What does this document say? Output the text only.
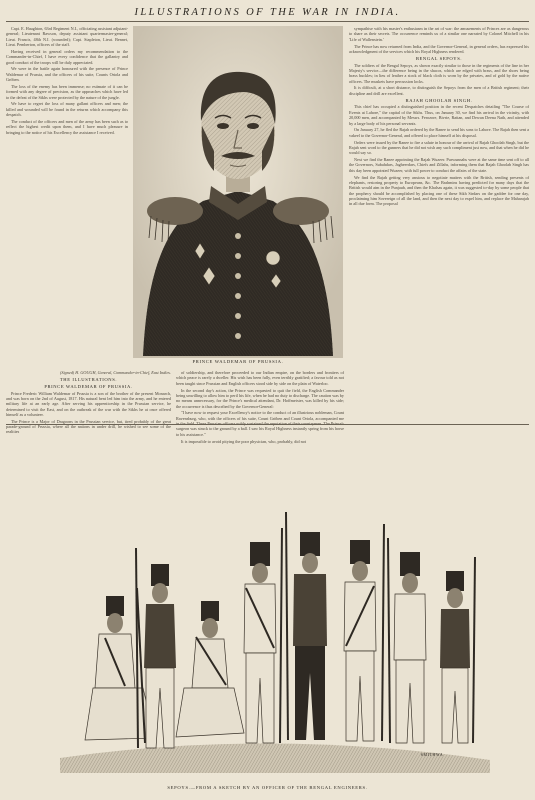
ILLUSTRATIONS OF THE WAR IN INDIA.

Capt. E. Haughton, 63rd Regiment N.I., officiating assistant adjutant-general; Lieutenant Rawson, deputy assistant quartermaster-general; Lieut. Francis, 48th N.I. (wounded); Capt. Stapleton, Lieut. Bennet, Lieut. Pemberton, officers of the staff.

Having received in general orders my recommendation to the Commander-in-Chief, I have every confidence that the gallantry and good conduct of the troops will be duly appreciated.

We were in the battle again honoured with the presence of Prince Waldemar of Prussia, and the officers of his suite, Counts Oriola and Gröben.

The loss of the enemy has been immense; no estimate of it can be formed with any degree of precision, as the approaches which have led to the defeat of the Sikhs were protected by the nature of the jungle.

We have to regret the loss of many gallant officers and men; the killed and wounded will be found in the returns which accompany this despatch.

The conduct of the officers and men of the army has been such as to reflect the highest credit upon them, and I have much pleasure in bringing to the notice of his Excellency the assistance I received.

PRINCE WALDEMAR OF PRUSSIA.

sympathise with his master's enthusiasm in the art of war: the amusements of Princes are as dangerous to share as their secrets. The occurrence reminds us of a similar one narrated by Colonel Mitchell in his 'Life of Wallenstein.'

The Prince has now returned from India, and the Governor-General, in general orders, has expressed his acknowledgment of the services which his Royal Highness rendered.

BENGAL SEPOYS.

The soldiers of the Bengal Sepoys, as shown exactly similar to those in the regiments of the line in her Majesty's service—the difference being in the shacos, which are edged with brass, and the shoes being brass buckles; in lieu of leather a stock of black cloth is worn by the privates, and of gold by the native officers. The muskets have percussion locks.

It is difficult, at a short distance, to distinguish the Sepoys from the men of a British regiment; their discipline and drill are excellent.

RAJAH GHOOLAB SINGH.

This chief has occupied a distinguished position in the recent Despatches detailing "The Course of Events at Lahore," the capital of the Sikhs. Thus, on January 30, we find his arrival in the vicinity, with 20,000 men, and accompanied by Messrs. Ferozore, Bivrie, Rattan, and Dewan Deena Nath, and attended by a large body of his personal servants.

On January 27, he fled the Rajah ordered by the Ranee to send his sons to Lahore. The Rajah then sent a vakeel to the Governor-General, and offered to place himself at his disposal.

Orders were issued by the Ranee to fire a salute in honour of the arrival of Rajah Ghoolab Singh, but the Rajah sent word to the gunners that he did not wish any such compliment just now, and that when he did he would say so.

Next we find the Ranee appointing the Rajah Wuzeer. Purwunnahs were at the same time sent off to all the Governors, Subahdars, Jagheerdars, Chiefs and Zillahs, informing them that Rajah Ghoolab Singh has this day been appointed Wuzeer, with full power to conduct the affairs of the state.

We find the Rajah getting very anxious to negotiate matters with the British, sending presents of elephants, restoring property to Europeans, &c. The Brahmins having predicted for many days that the British would aim in the Punjaub, and then the Khalsas again, it was suggested to-day by some people that the prophecy should be accomplished by placing one of these Sikh Sirdars on the gaddee for one day, proclaiming him Sovereign of all the land, and then the next day to expel him, and replace the Maharajah in all due form. The proposal

(Signed) H. GOUGH, General, Commander-in-Chief, East Indies.

THE ILLUSTRATIONS.

PRINCE WALDEMAR OF PRUSSIA.

Prince Frederic William Waldemar of Prussia is a son of the brother of the present Monarch, and was born on the 2nd of August, 1817. His natural bent led him into the army, and he entered military life at an early age. After serving his apprenticeship in the Prussian service, he determined to visit the East, and on the outbreak of the war with the Sikhs he at once offered himself as a volunteer.

The Prince is a Major of Dragoons in the Prussian service, but, tired probably of the great parade-ground of Prussia, where all the nations in under drill, he wished to see some of the realities

of soldiership, and therefore proceeded to our Indian empire, on the borders and frontiers of which peace is rarely a dweller. His wish has been fully, even terribly gratified; a favour told as not been taught since Prussian and English officers stood side by side on the plain of Waterloo.

In the second day's action, the Prince was requested to quit the field, the English Commander being unwilling to allow him to peril his life, when he had no duty to discharge. The caution was by no means unnecessary, for the Prince's medical attendant, Dr. Hoffmeister, was killed by his side; the occurrence is thus described by the Governor-General:

"I have now to request your Excellency's notice to the conduct of an illustrious nobleman, Count Ravensburg, who, with the officers of his suite, Count Gröben and Count Oriola, accompanied me in the field. These Prussian officers nobly sustained the reputation of their countrymen. The Prince's surgeon was struck to the ground by a ball. I saw his Royal Highness instantly spring from his horse to his assistance."

It is impossible to avoid pitying the poor physician, who, probably, did not

SMITHWA
SEPOYS.—FROM A SKETCH BY AN OFFICER OF THE BENGAL ENGINEERS.
